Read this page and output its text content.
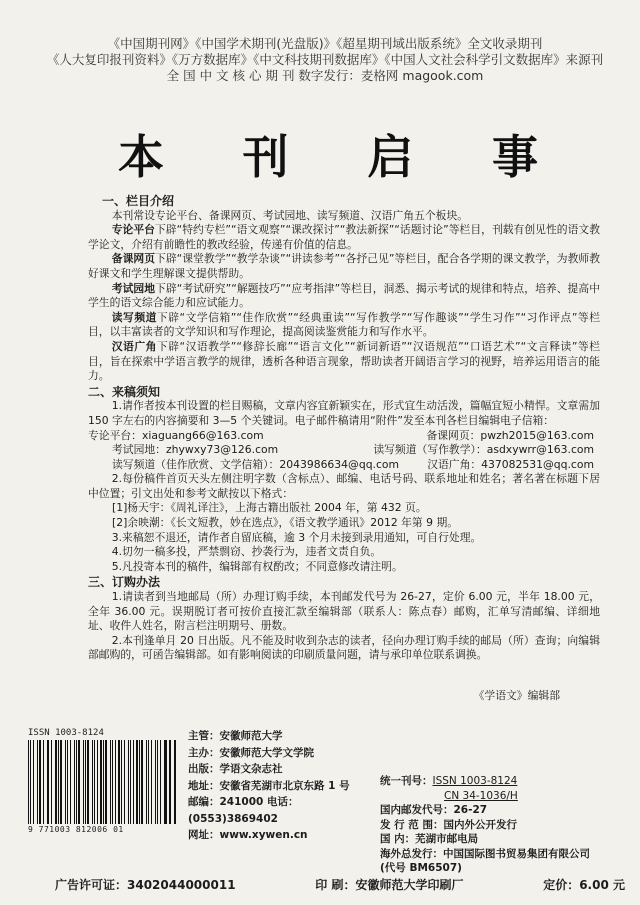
《中国期刊网》《中国学术期刊(光盘版)》《超星期刊域出版系统》全文收录期刊
《人大复印报刊资料》《万方数据库》《中文科技期刊数据库》《中国人文社会科学引文数据库》来源刊
全 国 中 文 核 心 期 刊 数字发行：麦格网 magook.com
本 刊 启 事
一、栏目介绍
本刊常设专论平台、备课网页、考试园地、读写频道、汉语广角五个板块。
专论平台下辟“特约专栏”“语文观察”“课改探讨”“教法新探”“话题讨论”等栏目，刊载有创见性的语文教学论文，介绍有前瞻性的教改经验，传递有价值的信息。
备课网页下辟“课堂教学”“教学杂谈”“讲读参考”“各抒己见”等栏目，配合各学期的课文教学，为教师教好课文和学生理解课文提供帮助。
考试园地下辟“考试研究”“解题技巧”“应考指津”等栏目，洞悉、揭示考试的规律和特点，培养、提高中学生的语文综合能力和应试能力。
读写频道下辟“文学信箱”“佳作欣赏”“经典重读”“写作教学”“写作趣谈”“学生习作”“习作评点”等栏目，以丰富读者的文学知识和写作理论，提高阅读鉴赏能力和写作水平。
汉语广角下辟“汉语教学”“修辞长廊”“语言文化”“新词新语”“汉语规范”“口语艺术”“文言释读”等栏目，旨在探索中学语言教学的规律，透析各种语言现象，帮助读者开阔语言学习的视野，培养运用语言的能力。
二、来稿须知
1.请作者按本刊设置的栏目赐稿，文章内容宜新颖实在，形式宜生动活泼，篇幅宜短小精悍。文章需加 150 字左右的内容摘要和 3—5 个关键词。电子邮件稿请用“附件”发至本刊各栏目编辑电子信箱：
专论平台：xiaguang66@163.com	备课网页：pwzh2015@163.com
考试园地：zhywxy73@126.com	读写频道（写作教学）：asdxywrr@163.com
读写频道（佳作欣赏、文学信箱）：2043986634@qq.com	汉语广角：437082531@qq.com
2.每份稿件首页天头左侧注明字数（含标点）、邮编、电话号码、联系地址和姓名；著名著在标题下居中位置；引文出处和参考文献按以下格式：
[1]杨天宇：《周礼译注》，上海古籍出版社 2004 年，第 432 页。
[2]余映潮：《长文短教，妙在选点》，《语文教学通讯》2012 年第 9 期。
3.来稿恕不退还，请作者自留底稿，逾 3 个月未接到录用通知，可自行处理。
4.切勿一稿多投，严禁剽窃、抄袭行为，违者文责自负。
5.凡投寄本刊的稿件，编辑部有权酌改；不同意修改请注明。
三、订购办法
1.请读者到当地邮局（所）办理订购手续，本刊邮发代号为 26-27，定价 6.00 元，半年 18.00 元，全年 36.00 元。误期脱订者可按价直接汇款至编辑部（联系人：陈点春）邮购，汇单写清邮编、详细地址、收件人姓名，附言栏注明期号、册数。
2.本刊逢单月 20 日出版。凡不能及时收到杂志的读者，径向办理订购手续的邮局（所）查询；向编辑部邮购的，可函告编辑部。如有影响阅读的印刷质量问题，请与承印单位联系调换。
《学语文》编辑部
ISSN 1003-8124
9 771003 812006 01
主管：安徽师范大学
主办：安徽师范大学文学院
出版：学语文杂志社
地址：安徽省芜湖市北京东路 1 号
邮编：241000 电话：(0553)3869402
网址：www.xywen.cn
统一刊号：ISSN 1003-8124
CN 34-1036/H
国内邮发代号：26-27
发 行 范 围：国内外公开发行
国 内：芜湖市邮电局
海外总发行：中国国际图书贸易集团有限公司
(代号 BM6507)
广告许可证：3402044000011	印 刷：安徽师范大学印刷厂	定价：6.00 元
